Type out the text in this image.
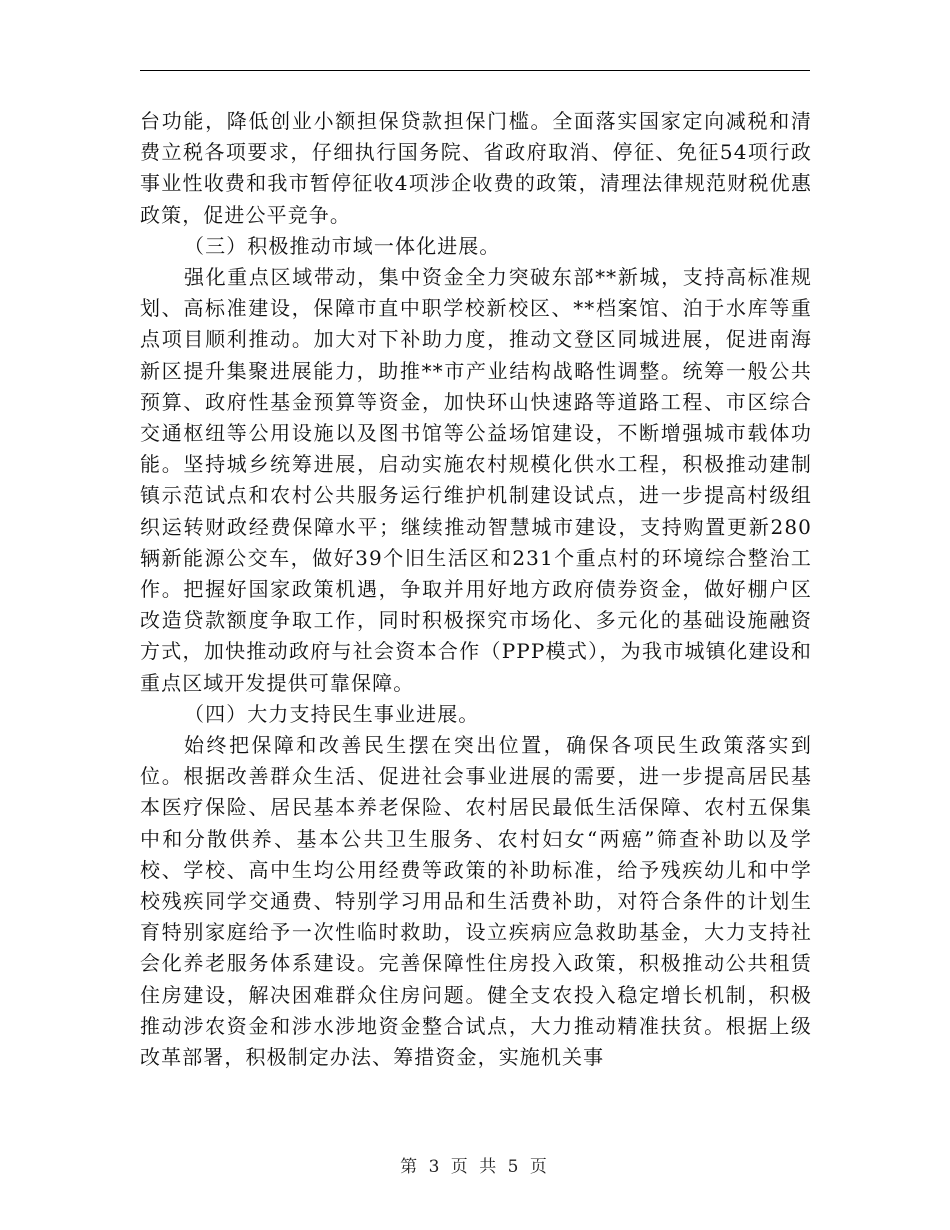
台功能，降低创业小额担保贷款担保门槛。全面落实国家定向减税和清费立税各项要求，仔细执行国务院、省政府取消、停征、免征54项行政事业性收费和我市暂停征收4项涉企收费的政策，清理法律规范财税优惠政策，促进公平竞争。

（三）积极推动市域一体化进展。

强化重点区域带动，集中资金全力突破东部**新城，支持高标准规划、高标准建设，保障市直中职学校新校区、**档案馆、泊于水库等重点项目顺利推动。加大对下补助力度，推动文登区同城进展，促进南海新区提升集聚进展能力，助推**市产业结构战略性调整。统筹一般公共预算、政府性基金预算等资金，加快环山快速路等道路工程、市区综合交通枢纽等公用设施以及图书馆等公益场馆建设，不断增强城市载体功能。坚持城乡统筹进展，启动实施农村规模化供水工程，积极推动建制镇示范试点和农村公共服务运行维护机制建设试点，进一步提高村级组织运转财政经费保障水平；继续推动智慧城市建设，支持购置更新280辆新能源公交车，做好39个旧生活区和231个重点村的环境综合整治工作。把握好国家政策机遇，争取并用好地方政府债券资金，做好棚户区改造贷款额度争取工作，同时积极探究市场化、多元化的基础设施融资方式，加快推动政府与社会资本合作（PPP模式），为我市城镇化建设和重点区域开发提供可靠保障。

（四）大力支持民生事业进展。

始终把保障和改善民生摆在突出位置，确保各项民生政策落实到位。根据改善群众生活、促进社会事业进展的需要，进一步提高居民基本医疗保险、居民基本养老保险、农村居民最低生活保障、农村五保集中和分散供养、基本公共卫生服务、农村妇女“两癌”筛查补助以及学校、学校、高中生均公用经费等政策的补助标准，给予残疾幼儿和中学校残疾同学交通费、特别学习用品和生活费补助，对符合条件的计划生育特别家庭给予一次性临时救助，设立疾病应急救助基金，大力支持社会化养老服务体系建设。完善保障性住房投入政策，积极推动公共租赁住房建设，解决困难群众住房问题。健全支农投入稳定增长机制，积极推动涉农资金和涉水涉地资金整合试点，大力推动精准扶贫。根据上级改革部署，积极制定办法、筹措资金，实施机关事

第 3 页 共 5 页
